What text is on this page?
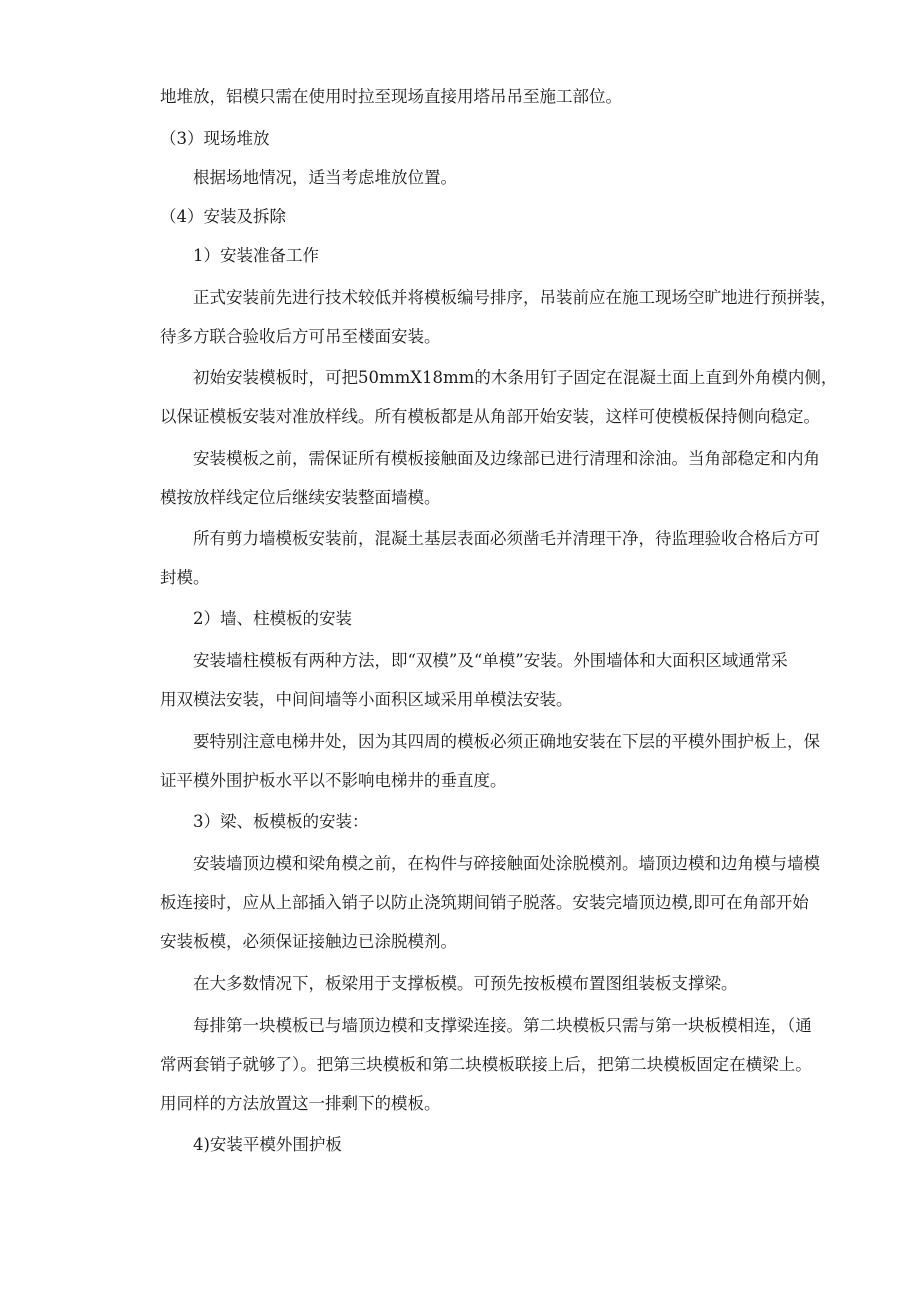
地堆放，铝模只需在使用时拉至现场直接用塔吊吊至施工部位。
（3）现场堆放
根据场地情况，适当考虑堆放位置。
（4）安装及拆除
1）安装准备工作
正式安装前先进行技术较低并将模板编号排序，吊装前应在施工现场空旷地进行预拼装，
待多方联合验收后方可吊至楼面安装。
初始安装模板时，可把50mmX18mm的木条用钉子固定在混凝土面上直到外角模内侧，
以保证模板安装对准放样线。所有模板都是从角部开始安装，这样可使模板保持侧向稳定。
安装模板之前，需保证所有模板接触面及边缘部已进行清理和涂油。当角部稳定和内角
模按放样线定位后继续安装整面墙模。
所有剪力墙模板安装前，混凝土基层表面必须凿毛并清理干净，待监理验收合格后方可
封模。
2）墙、柱模板的安装
安装墙柱模板有两种方法，即“双模”及“单模”安装。外围墙体和大面积区域通常采
用双模法安装，中间间墙等小面积区域采用单模法安装。
要特别注意电梯井处，因为其四周的模板必须正确地安装在下层的平模外围护板上，保
证平模外围护板水平以不影响电梯井的垂直度。
3）梁、板模板的安装：
安装墙顶边模和梁角模之前，在构件与碎接触面处涂脱模剂。墙顶边模和边角模与墙模
板连接时，应从上部插入销子以防止浇筑期间销子脱落。安装完墙顶边模,即可在角部开始
安装板模，必须保证接触边已涂脱模剂。
在大多数情况下，板梁用于支撑板模。可预先按板模布置图组装板支撑梁。
每排第一块模板已与墙顶边模和支撑梁连接。第二块模板只需与第一块板模相连，（通
常两套销子就够了）。把第三块模板和第二块模板联接上后，把第二块模板固定在横梁上。
用同样的方法放置这一排剩下的模板。
4)安装平模外围护板
